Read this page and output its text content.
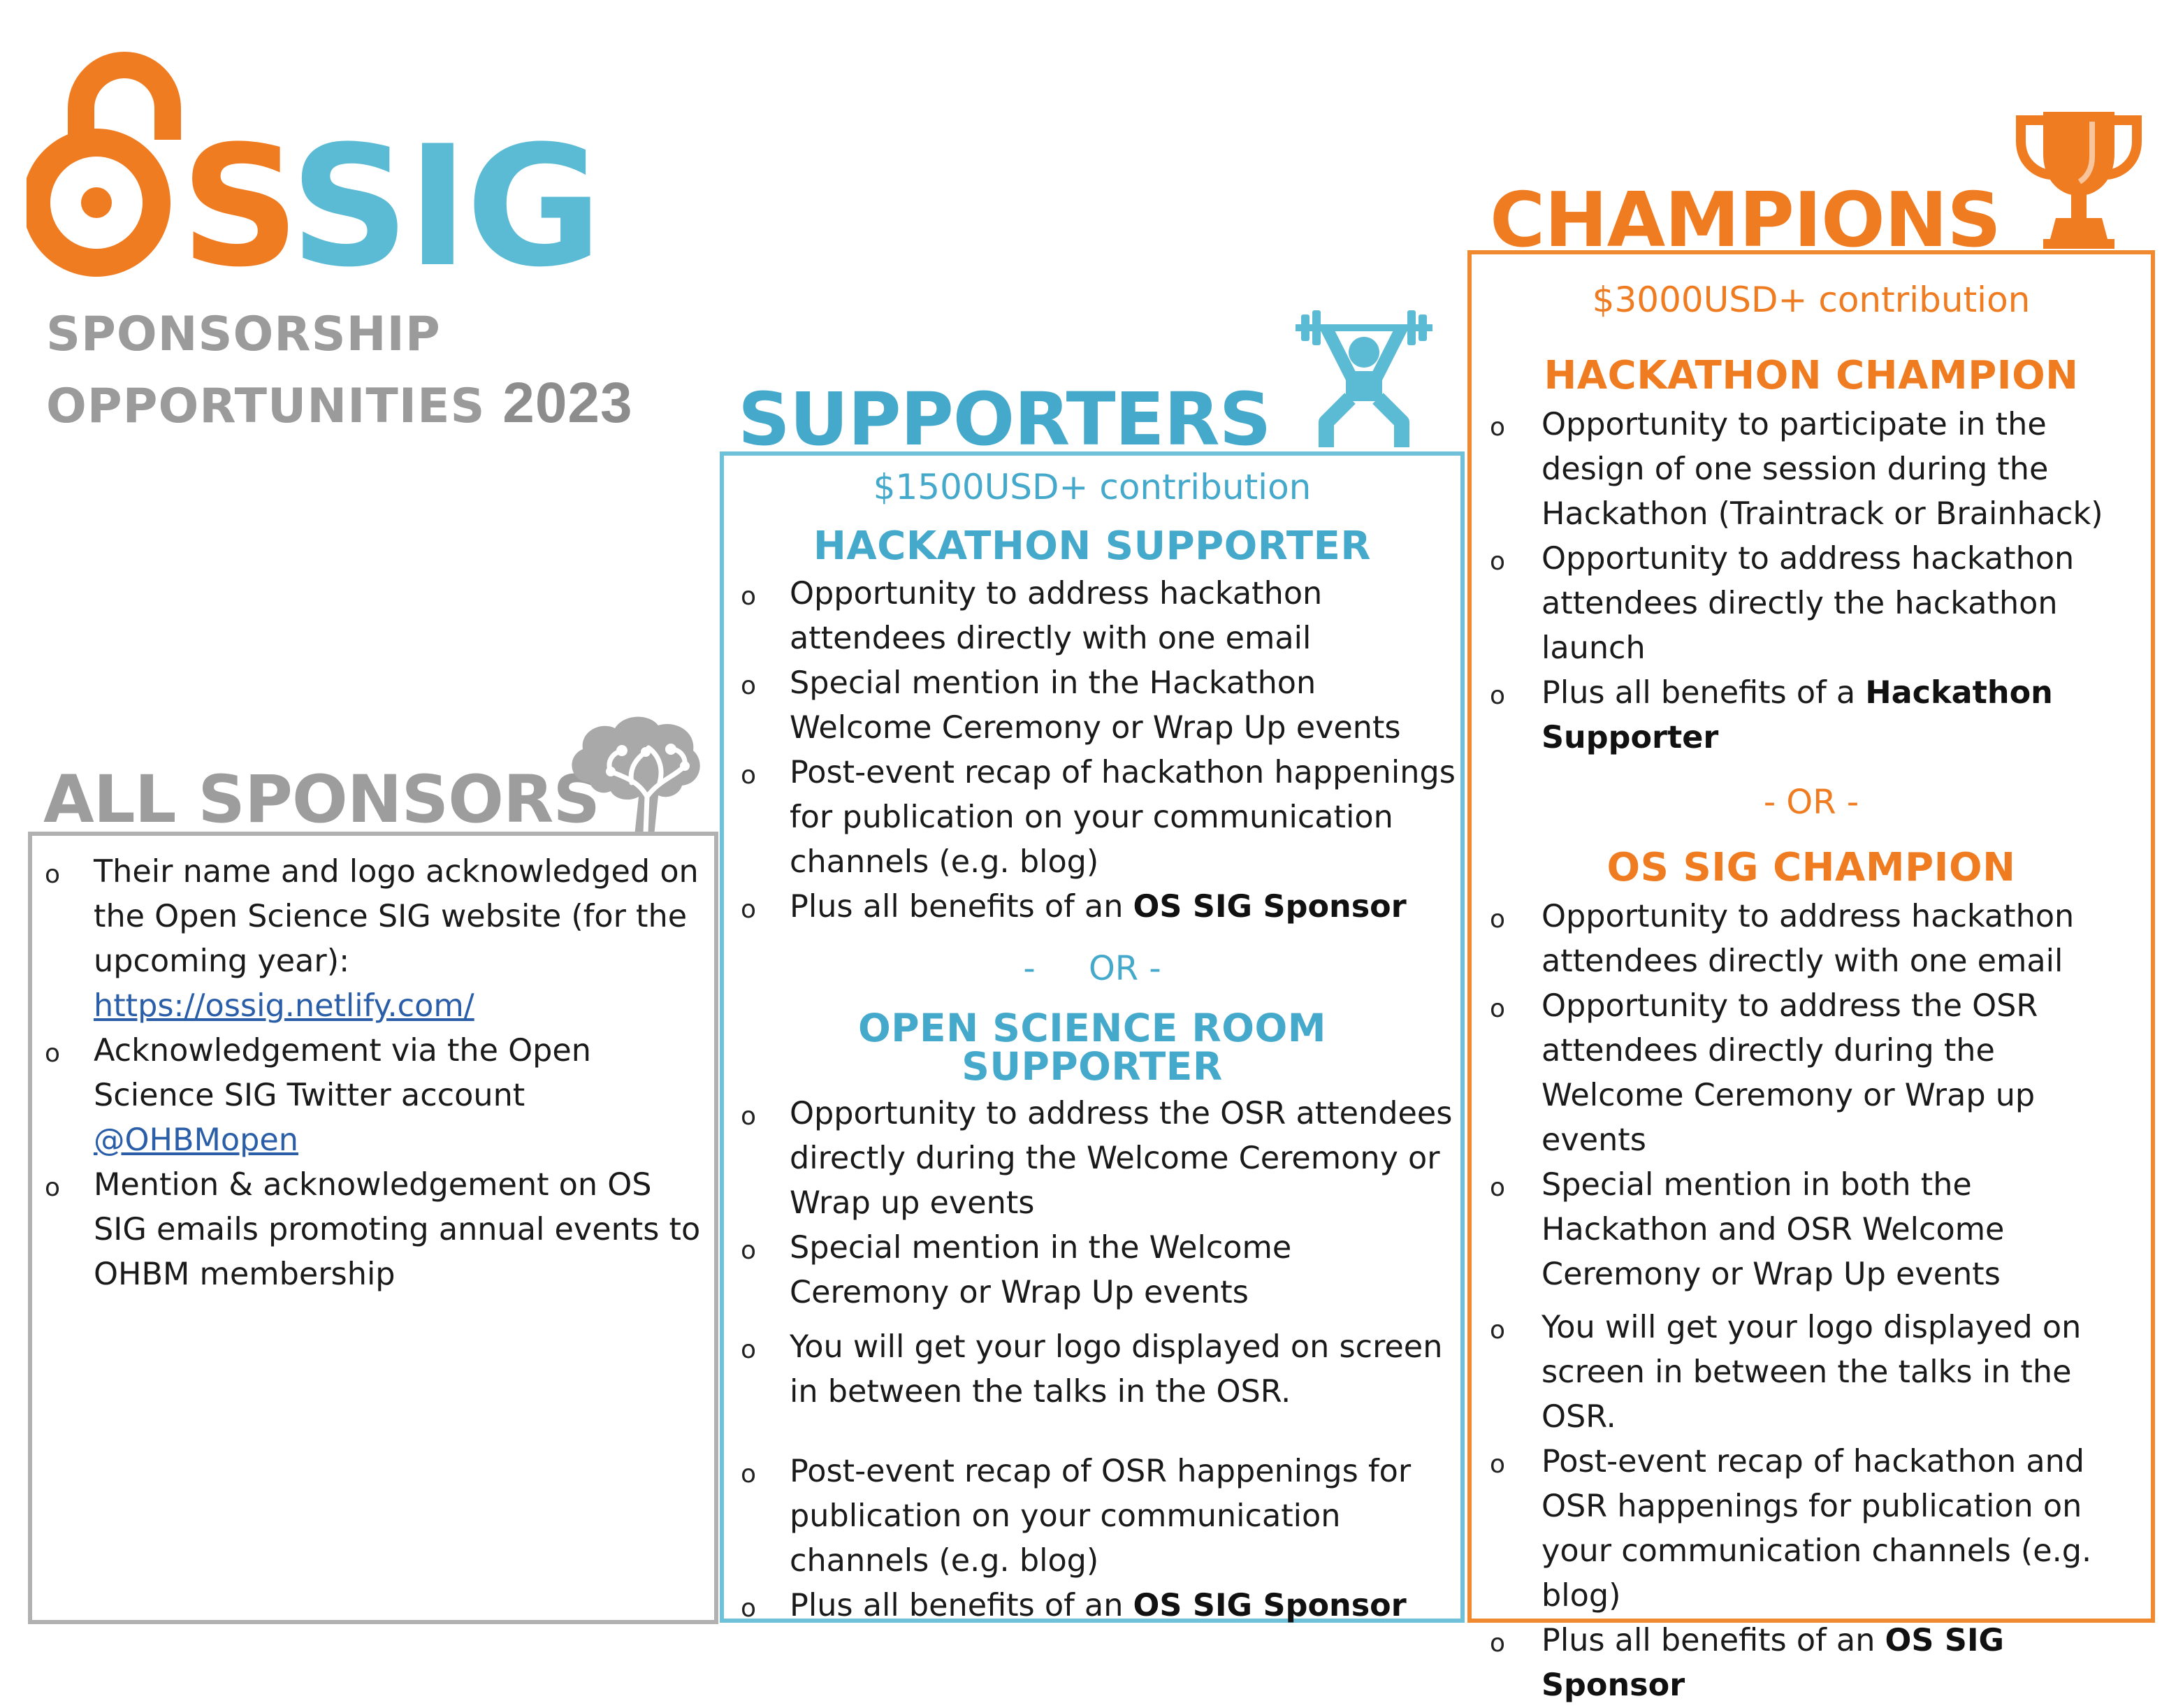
SSIG
SPONSORSHIP
OPPORTUNITIES 2023
ALL SPONSORS
o Their name and logo acknowledged on the Open Science SIG website (for the upcoming year):
https://ossig.netlify.com/
o Acknowledgement via the Open Science SIG Twitter account
@OHBMopen
o Mention & acknowledgement on OS SIG emails promoting annual events to OHBM membership
SUPPORTERS
$1500USD+ contribution
HACKATHON SUPPORTER
o Opportunity to address hackathon attendees directly with one email
o Special mention in the Hackathon Welcome Ceremony or Wrap Up events
o Post-event recap of hackathon happenings for publication on your communication channels (e.g. blog)
o Plus all benefits of an OS SIG Sponsor
-     OR -
OPEN SCIENCE ROOM SUPPORTER
o Opportunity to address the OSR attendees directly during the Welcome Ceremony or Wrap up events
o Special mention in the Welcome Ceremony or Wrap Up events
o You will get your logo displayed on screen in between the talks in the OSR.
o Post-event recap of OSR happenings for publication on your communication channels (e.g. blog)
o Plus all benefits of an OS SIG Sponsor
CHAMPIONS
$3000USD+ contribution
HACKATHON CHAMPION
o Opportunity to participate in the design of one session during the Hackathon (Traintrack or Brainhack)
o Opportunity to address hackathon attendees directly the hackathon launch
o Plus all benefits of a Hackathon Supporter
- OR -
OS SIG CHAMPION
o Opportunity to address hackathon attendees directly with one email
o Opportunity to address the OSR attendees directly during the Welcome Ceremony or Wrap up events
o Special mention in both the Hackathon and OSR Welcome Ceremony or Wrap Up events
o You will get your logo displayed on screen in between the talks in the OSR.
o Post-event recap of hackathon and OSR happenings for publication on your communication channels (e.g. blog)
o Plus all benefits of an OS SIG Sponsor
